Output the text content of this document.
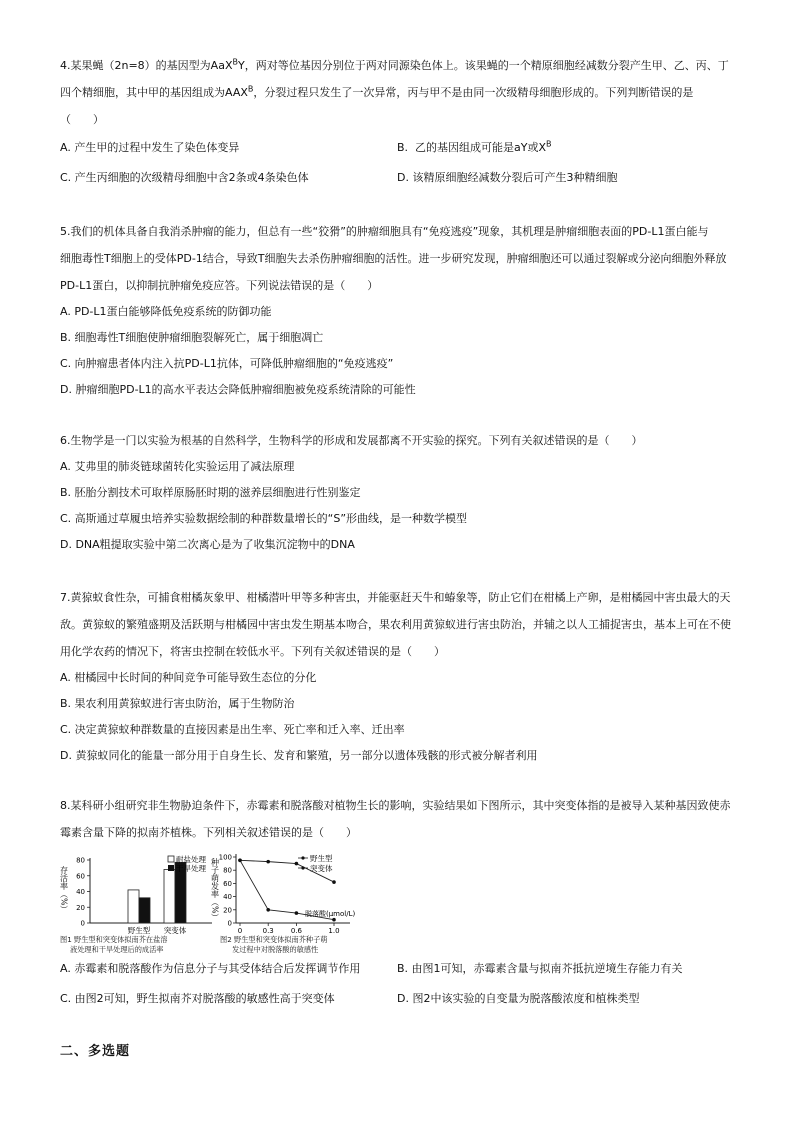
4.某果蝇（2n=8）的基因型为AaX$^B$Y，两对等位基因分别位于两对同源染色体上。该果蝇的一个精原细胞经减数分裂产生甲、乙、丙、丁
四个精细胞，其中甲的基因组成为$AAX^B$，分裂过程只发生了一次异常，丙与甲不是由同一次级精母细胞形成的。下列判断错误的是
（　　）
A. 产生甲的过程中发生了染色体变异	B. 乙的基因组成可能是aY或$X^B$
C. 产生丙细胞的次级精母细胞中含2条或4条染色体	D. 该精原细胞经减数分裂后可产生3种精细胞
5.我们的机体具备自我消杀肿瘤的能力，但总有一些“狡猾”的肿瘤细胞具有“免疫逃疫”现象，其机理是肿瘤细胞表面的PD-L1蛋白能与
细胞毒性T细胞上的受体PD-1结合，导致T细胞失去杀伤肿瘤细胞的活性。进一步研究发现，肿瘤细胞还可以通过裂解或分泌向细胞外释放
PD-L1蛋白，以抑制抗肿瘤免疫应答。下列说法错误的是（　　）
A. PD-L1蛋白能够降低免疫系统的防御功能
B. 细胞毒性T细胞使肿瘤细胞裂解死亡，属于细胞凋亡
C. 向肿瘤患者体内注入抗PD-L1抗体，可降低肿瘤细胞的“免疫逃疫”
D. 肿瘤细胞PD-L1的高水平表达会降低肿瘤细胞被免疫系统清除的可能性
6.生物学是一门以实验为根基的自然科学，生物科学的形成和发展都离不开实验的探究。下列有关叙述错误的是（　　）
A. 艾弗里的肺炎链球菌转化实验运用了减法原理
B. 胚胎分割技术可取样原肠胚时期的滋养层细胞进行性别鉴定
C. 高斯通过草履虫培养实验数据绘制的种群数量增长的“S”形曲线，是一种数学模型
D. DNA粗提取实验中第二次离心是为了收集沉淀物中的DNA
7.黄猄蚁食性杂，可捕食柑橘灰象甲、柑橘潜叶甲等多种害虫，并能驱赶天牛和蝽象等，防止它们在柑橘上产卵，是柑橘园中害虫最大的天
敌。黄猄蚁的繁殖盛期及活跃期与柑橘园中害虫发生期基本吻合，果农利用黄猄蚁进行害虫防治，并辅之以人工捕捉害虫，基本上可在不使
用化学农药的情况下，将害虫控制在较低水平。下列有关叙述错误的是（　　）
A. 柑橘园中长时间的种间竞争可能导致生态位的分化
B. 果农利用黄猄蚁进行害虫防治，属于生物防治
C. 决定黄猄蚁种群数量的直接因素是出生率、死亡率和迁入率、迁出率
D. 黄猄蚁同化的能量一部分用于自身生长、发育和繁殖，另一部分以遗体残骸的形式被分解者利用
8.某科研小组研究非生物胁迫条件下，赤霉素和脱落酸对植物生长的影响，实验结果如下图所示，其中突变体指的是被导入某种基因致使赤
霉素含量下降的拟南芥植株。下列相关叙述错误的是（　　）
存活率（%）
0
20
40
60
80
野生型 突变体
耐盐处理
干旱处理
图1 野生型和突变体拟南芥在盐溶
液处理和干旱处理后的成活率
种子萌发率（%）
0
20
40
60
80
100
0	0.3 0.6	1.0
野生型
突变体
脱落酸(μmol/L)
图2 野生型和突变体拟南芥种子萌
发过程中对脱落酸的敏感性
A. 赤霉素和脱落酸作为信息分子与其受体结合后发挥调节作用	B. 由图1可知，赤霉素含量与拟南芥抵抗逆境生存能力有关
C. 由图2可知，野生拟南芥对脱落酸的敏感性高于突变体	D. 图2中该实验的自变量为脱落酸浓度和植株类型
二、多选题
